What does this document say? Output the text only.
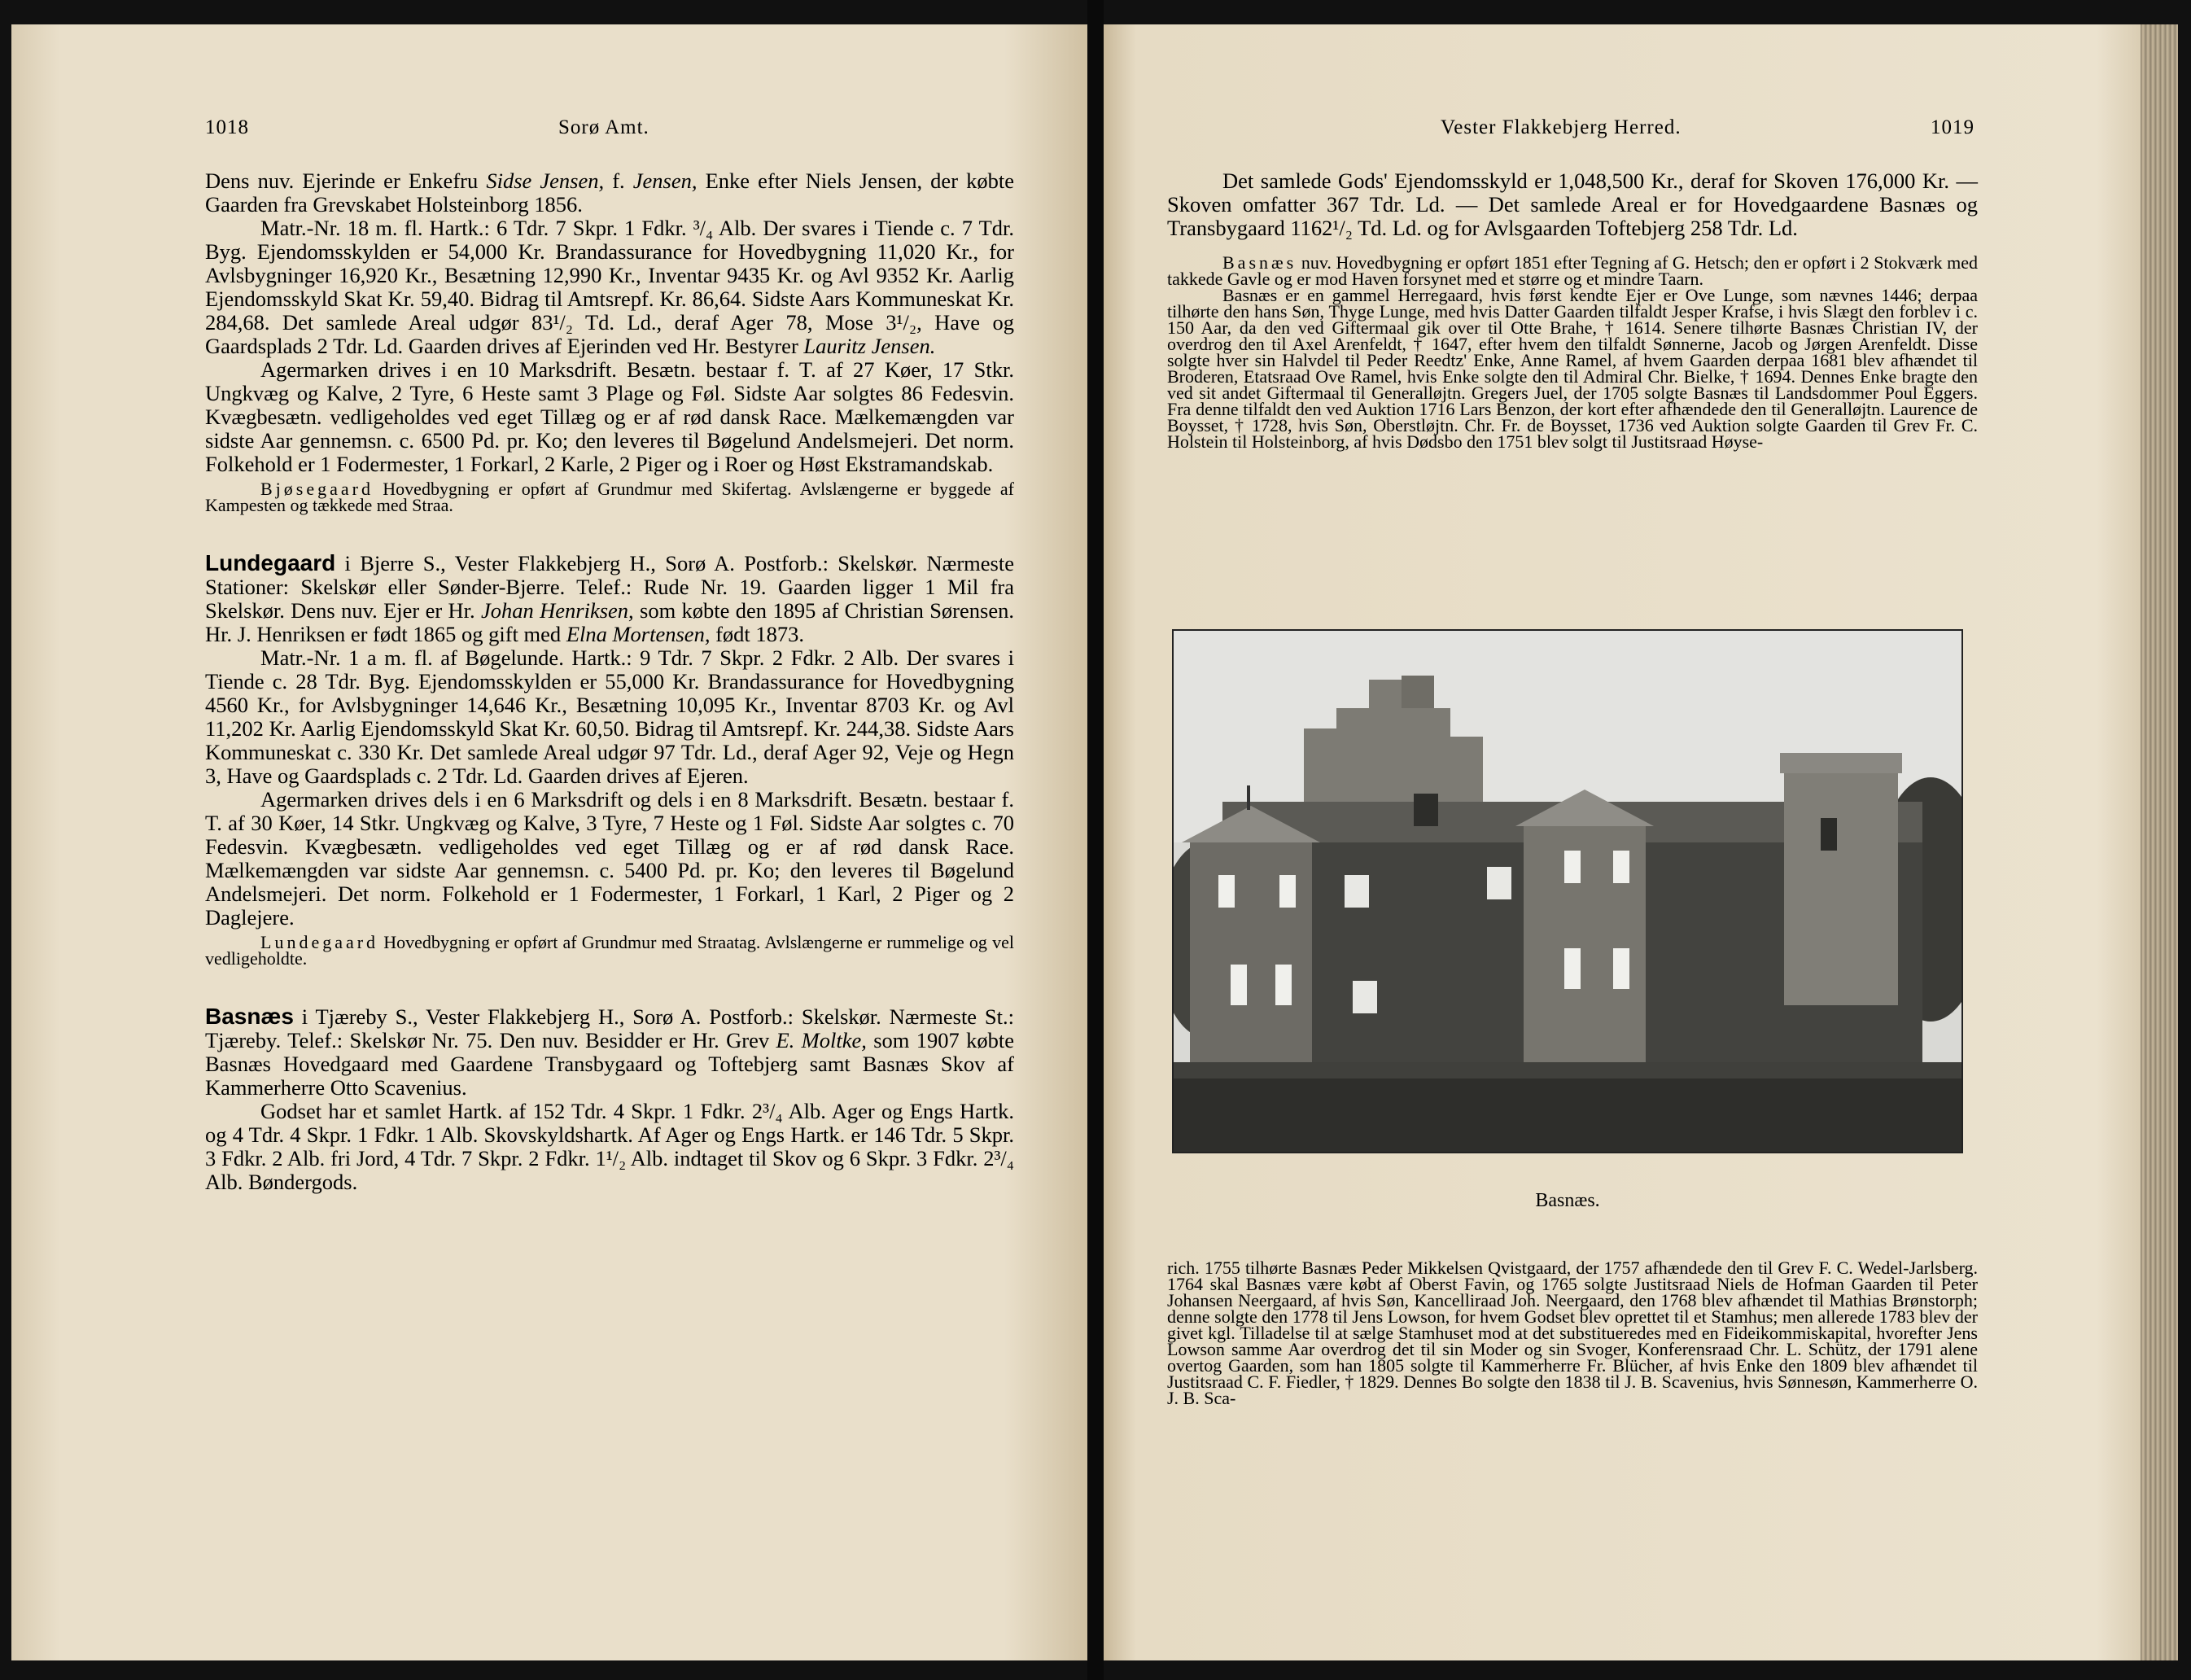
1018	Sorø Amt.

Dens nuv. Ejerinde er Enkefru Sidse Jensen, f. Jensen, Enke efter Niels Jensen, der købte Gaarden fra Grevskabet Holsteinborg 1856.

Matr.-Nr. 18 m. fl. Hartk.: 6 Tdr. 7 Skpr. 1 Fdkr. ³/₄ Alb. Der svares i Tiende c. 7 Tdr. Byg. Ejendomsskylden er 54,000 Kr. Brandassurance for Hovedbygning 11,020 Kr., for Avlsbygninger 16,920 Kr., Besætning 12,990 Kr., Inventar 9435 Kr. og Avl 9352 Kr. Aarlig Ejendomsskyld Skat Kr. 59,40. Bidrag til Amtsrepf. Kr. 86,64. Sidste Aars Kommuneskat Kr. 284,68. Det samlede Areal udgør 83¹/₂ Td. Ld., deraf Ager 78, Mose 3¹/₂, Have og Gaardsplads 2 Tdr. Ld. Gaarden drives af Ejerinden ved Hr. Bestyrer Lauritz Jensen.

Agermarken drives i en 10 Marksdrift. Besætn. bestaar f. T. af 27 Køer, 17 Stkr. Ungkvæg og Kalve, 2 Tyre, 6 Heste samt 3 Plage og Føl. Sidste Aar solgtes 86 Fedesvin. Kvægbesætn. vedligeholdes ved eget Tillæg og er af rød dansk Race. Mælkemængden var sidste Aar gennemsn. c. 6500 Pd. pr. Ko; den leveres til Bøgelund Andelsmejeri. Det norm. Folkehold er 1 Fodermester, 1 Forkarl, 2 Karle, 2 Piger og i Roer og Høst Ekstramandskab.

Bjøsegaard Hovedbygning er opført af Grundmur med Skifertag. Avlslængerne er byggede af Kampesten og tækkede med Straa.

Lundegaard i Bjerre S., Vester Flakkebjerg H., Sorø A. Postforb.: Skelskør. Nærmeste Stationer: Skelskør eller Sønder-Bjerre. Telef.: Rude Nr. 19. Gaarden ligger 1 Mil fra Skelskør. Dens nuv. Ejer er Hr. Johan Henriksen, som købte den 1895 af Christian Sørensen. Hr. J. Henriksen er født 1865 og gift med Elna Mortensen, født 1873.

Matr.-Nr. 1 a m. fl. af Bøgelunde. Hartk.: 9 Tdr. 7 Skpr. 2 Fdkr. 2 Alb. Der svares i Tiende c. 28 Tdr. Byg. Ejendomsskylden er 55,000 Kr. Brandassurance for Hovedbygning 4560 Kr., for Avlsbygninger 14,646 Kr., Besætning 10,095 Kr., Inventar 8703 Kr. og Avl 11,202 Kr. Aarlig Ejendomsskyld Skat Kr. 60,50. Bidrag til Amtsrepf. Kr. 244,38. Sidste Aars Kommuneskat c. 330 Kr. Det samlede Areal udgør 97 Tdr. Ld., deraf Ager 92, Veje og Hegn 3, Have og Gaardsplads c. 2 Tdr. Ld. Gaarden drives af Ejeren.

Agermarken drives dels i en 6 Marksdrift og dels i en 8 Marksdrift. Besætn. bestaar f. T. af 30 Køer, 14 Stkr. Ungkvæg og Kalve, 3 Tyre, 7 Heste og 1 Føl. Sidste Aar solgtes c. 70 Fedesvin. Kvægbesætn. vedligeholdes ved eget Tillæg og er af rød dansk Race. Mælkemængden var sidste Aar gennemsn. c. 5400 Pd. pr. Ko; den leveres til Bøgelund Andelsmejeri. Det norm. Folkehold er 1 Fodermester, 1 Forkarl, 1 Karl, 2 Piger og 2 Daglejere.

Lundegaard Hovedbygning er opført af Grundmur med Straatag. Avlslængerne er rummelige og vel vedligeholdte.

Basnæs i Tjæreby S., Vester Flakkebjerg H., Sorø A. Postforb.: Skelskør. Nærmeste St.: Tjæreby. Telef.: Skelskør Nr. 75. Den nuv. Besidder er Hr. Grev E. Moltke, som 1907 købte Basnæs Hovedgaard med Gaardene Transbygaard og Toftebjerg samt Basnæs Skov af Kammerherre Otto Scavenius.

Godset har et samlet Hartk. af 152 Tdr. 4 Skpr. 1 Fdkr. 2³/₄ Alb. Ager og Engs Hartk. og 4 Tdr. 4 Skpr. 1 Fdkr. 1 Alb. Skovskyldshartk. Af Ager og Engs Hartk. er 146 Tdr. 5 Skpr. 3 Fdkr. 2 Alb. fri Jord, 4 Tdr. 7 Skpr. 2 Fdkr. 1¹/₂ Alb. indtaget til Skov og 6 Skpr. 3 Fdkr. 2³/₄ Alb. Bøndergods.

Vester Flakkebjerg Herred.	1019

Det samlede Gods' Ejendomsskyld er 1,048,500 Kr., deraf for Skoven 176,000 Kr. — Skoven omfatter 367 Tdr. Ld. — Det samlede Areal er for Hovedgaardene Basnæs og Transbygaard 1162¹/₂ Td. Ld. og for Avlsgaarden Toftebjerg 258 Tdr. Ld.

Basnæs nuv. Hovedbygning er opført 1851 efter Tegning af G. Hetsch; den er opført i 2 Stokværk med takkede Gavle og er mod Haven forsynet med et større og et mindre Taarn.

Basnæs er en gammel Herregaard, hvis først kendte Ejer er Ove Lunge, som nævnes 1446; derpaa tilhørte den hans Søn, Thyge Lunge, med hvis Datter Gaarden tilfaldt Jesper Krafse, i hvis Slægt den forblev i c. 150 Aar, da den ved Giftermaal gik over til Otte Brahe, † 1614. Senere tilhørte Basnæs Christian IV, der overdrog den til Axel Arenfeldt, † 1647, efter hvem den tilfaldt Sønnerne, Jacob og Jørgen Arenfeldt. Disse solgte hver sin Halvdel til Peder Reedtz' Enke, Anne Ramel, af hvem Gaarden derpaa 1681 blev afhændet til Broderen, Etatsraad Ove Ramel, hvis Enke solgte den til Admiral Chr. Bielke, † 1694. Dennes Enke bragte den ved sit andet Giftermaal til Generalløjtn. Gregers Juel, der 1705 solgte Basnæs til Landsdommer Poul Eggers. Fra denne tilfaldt den ved Auktion 1716 Lars Benzon, der kort efter afhændede den til Generalløjtn. Laurence de Boysset, † 1728, hvis Søn, Oberstløjtn. Chr. Fr. de Boysset, 1736 ved Auktion solgte Gaarden til Grev Fr. C. Holstein til Holsteinborg, af hvis Dødsbo den 1751 blev solgt til Justitsraad Høyse-

Basnæs.

rich. 1755 tilhørte Basnæs Peder Mikkelsen Qvistgaard, der 1757 afhændede den til Grev F. C. Wedel-Jarlsberg. 1764 skal Basnæs være købt af Oberst Favin, og 1765 solgte Justitsraad Niels de Hofman Gaarden til Peter Johansen Neergaard, af hvis Søn, Kancelliraad Joh. Neergaard, den 1768 blev afhændet til Mathias Brønstorph; denne solgte den 1778 til Jens Lowson, for hvem Godset blev oprettet til et Stamhus; men allerede 1783 blev der givet kgl. Tilladelse til at sælge Stamhuset mod at det substitueredes med en Fideikommiskapital, hvorefter Jens Lowson samme Aar overdrog det til sin Moder og sin Svoger, Konferensraad Chr. L. Schütz, der 1791 alene overtog Gaarden, som han 1805 solgte til Kammerherre Fr. Blücher, af hvis Enke den 1809 blev afhændet til Justitsraad C. F. Fiedler, † 1829. Dennes Bo solgte den 1838 til J. B. Scavenius, hvis Sønnesøn, Kammerherre O. J. B. Sca-
